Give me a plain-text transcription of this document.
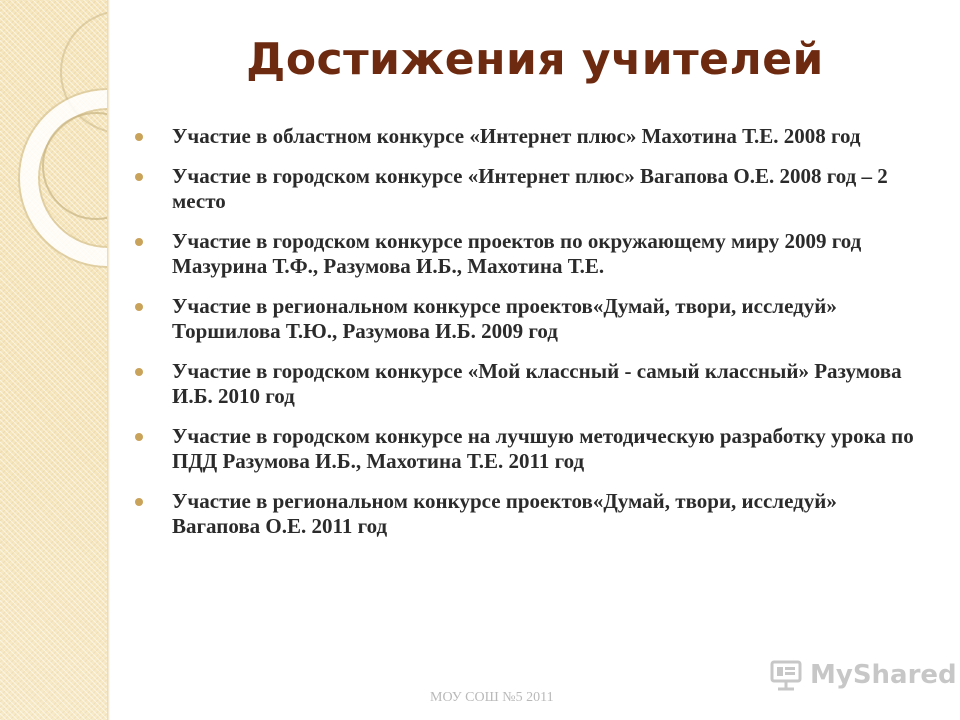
Достижения учителей
Участие в областном конкурсе «Интернет плюс» Махотина Т.Е. 2008 год
Участие в городском конкурсе «Интернет плюс» Вагапова О.Е. 2008 год – 2 место
Участие в городском конкурсе проектов по окружающему миру 2009 год Мазурина Т.Ф., Разумова И.Б., Махотина Т.Е.
Участие в региональном конкурсе проектов«Думай, твори, исследуй» Торшилова Т.Ю., Разумова И.Б. 2009 год
Участие в городском конкурсе «Мой классный - самый классный» Разумова И.Б. 2010 год
Участие в городском конкурсе на лучшую методическую разработку урока по ПДД Разумова И.Б., Махотина Т.Е. 2011 год
Участие в региональном конкурсе проектов«Думай, твори, исследуй» Вагапова О.Е. 2011 год
МОУ СОШ №5 2011
MyShared
